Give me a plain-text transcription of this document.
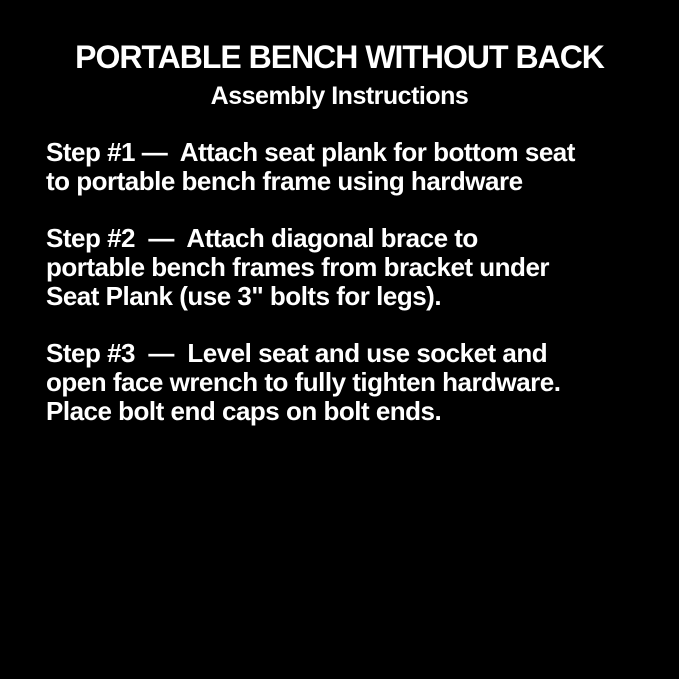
PORTABLE BENCH WITHOUT BACK
Assembly Instructions
Step #1 —  Attach seat plank for bottom seat
to portable bench frame using hardware
Step #2  —  Attach diagonal brace to
portable bench frames from bracket under
Seat Plank (use 3" bolts for legs).
Step #3  —  Level seat and use socket and
open face wrench to fully tighten hardware.
Place bolt end caps on bolt ends.
